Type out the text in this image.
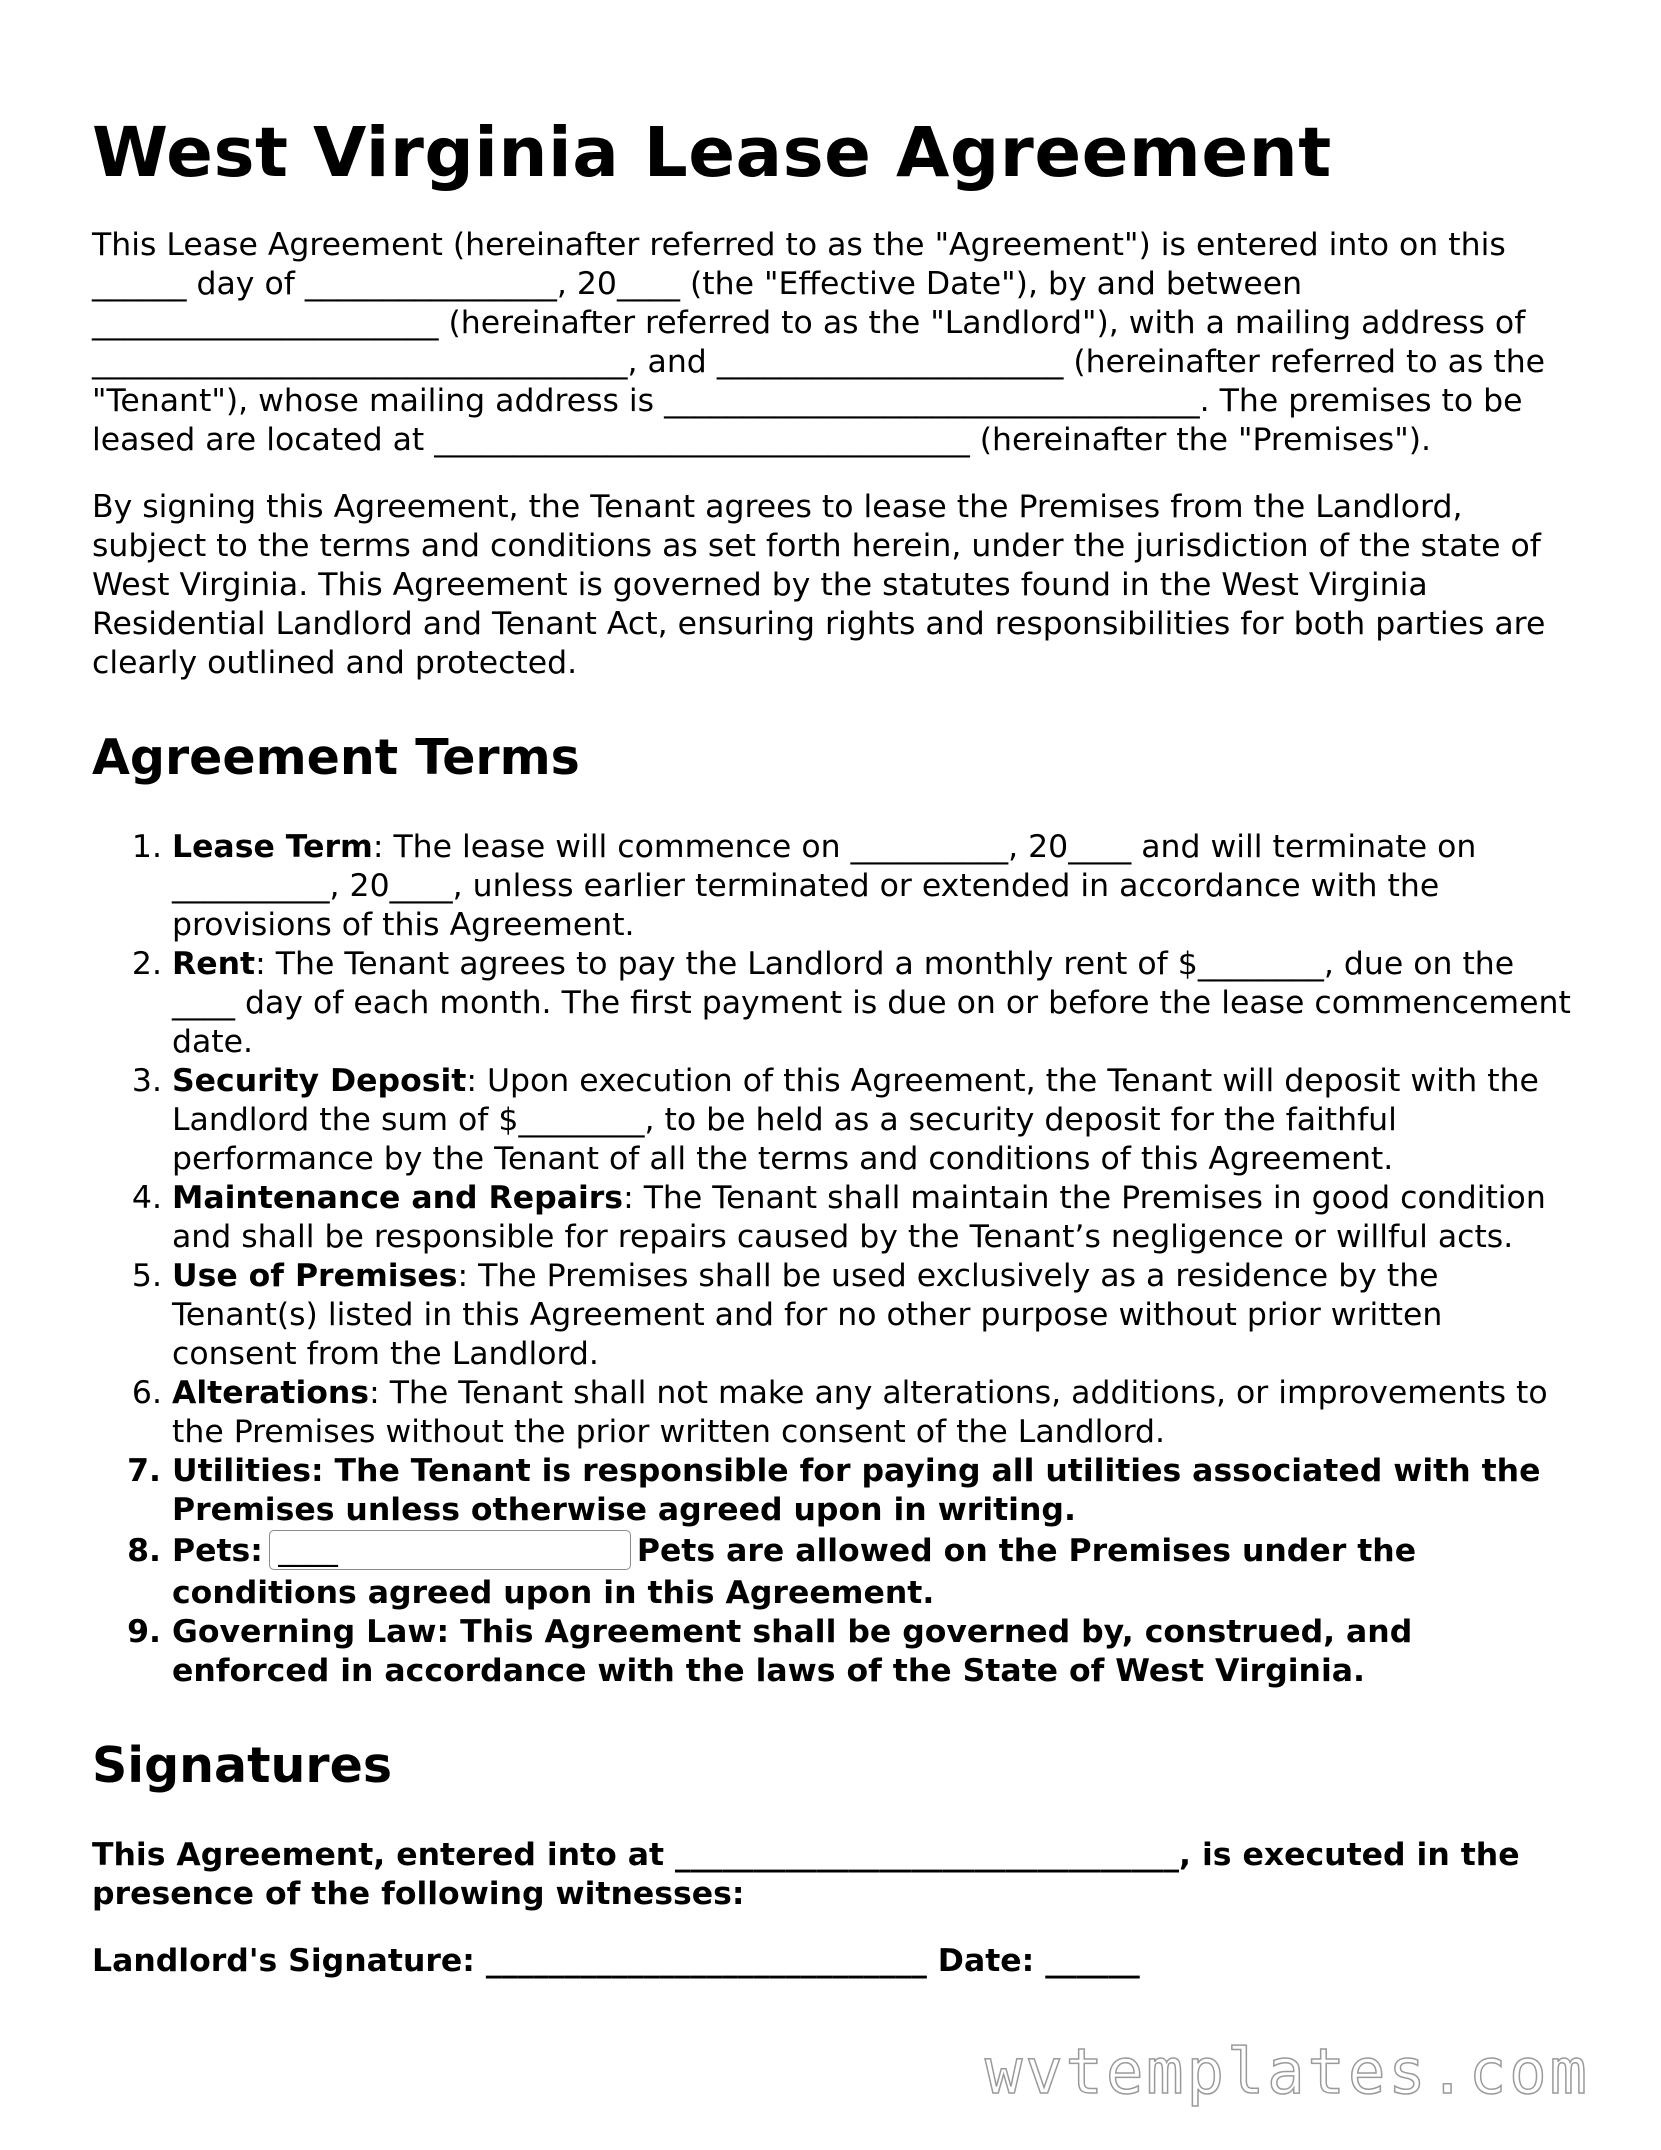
West Virginia Lease Agreement

This Lease Agreement (hereinafter referred to as the "Agreement") is entered into on this ______ day of ________________, 20____ (the "Effective Date"), by and between ______________________ (hereinafter referred to as the "Landlord"), with a mailing address of __________________________________, and ______________________ (hereinafter referred to as the "Tenant"), whose mailing address is __________________________________. The premises to be leased are located at __________________________________ (hereinafter the "Premises").

By signing this Agreement, the Tenant agrees to lease the Premises from the Landlord, subject to the terms and conditions as set forth herein, under the jurisdiction of the state of West Virginia. This Agreement is governed by the statutes found in the West Virginia Residential Landlord and Tenant Act, ensuring rights and responsibilities for both parties are clearly outlined and protected.

Agreement Terms
1. Lease Term: The lease will commence on __________, 20____ and will terminate on __________, 20____, unless earlier terminated or extended in accordance with the provisions of this Agreement.
2. Rent: The Tenant agrees to pay the Landlord a monthly rent of $________, due on the ____ day of each month. The first payment is due on or before the lease commencement date.
3. Security Deposit: Upon execution of this Agreement, the Tenant will deposit with the Landlord the sum of $________, to be held as a security deposit for the faithful performance by the Tenant of all the terms and conditions of this Agreement.
4. Maintenance and Repairs: The Tenant shall maintain the Premises in good condition and shall be responsible for repairs caused by the Tenant’s negligence or willful acts.
5. Use of Premises: The Premises shall be used exclusively as a residence by the Tenant(s) listed in this Agreement and for no other purpose without prior written consent from the Landlord.
6. Alterations: The Tenant shall not make any alterations, additions, or improvements to the Premises without the prior written consent of the Landlord.
7. Utilities: The Tenant is responsible for paying all utilities associated with the Premises unless otherwise agreed upon in writing.
8. Pets:____	Pets are allowed on the Premises under the conditions agreed upon in this Agreement.
9. Governing Law: This Agreement shall be governed by, construed, and enforced in accordance with the laws of the State of West Virginia.
Signatures

This Agreement, entered into at ________________________________, is executed in the presence of the following witnesses:

Landlord's Signature: ____________________________ Date: ______

wvtemplates.com
